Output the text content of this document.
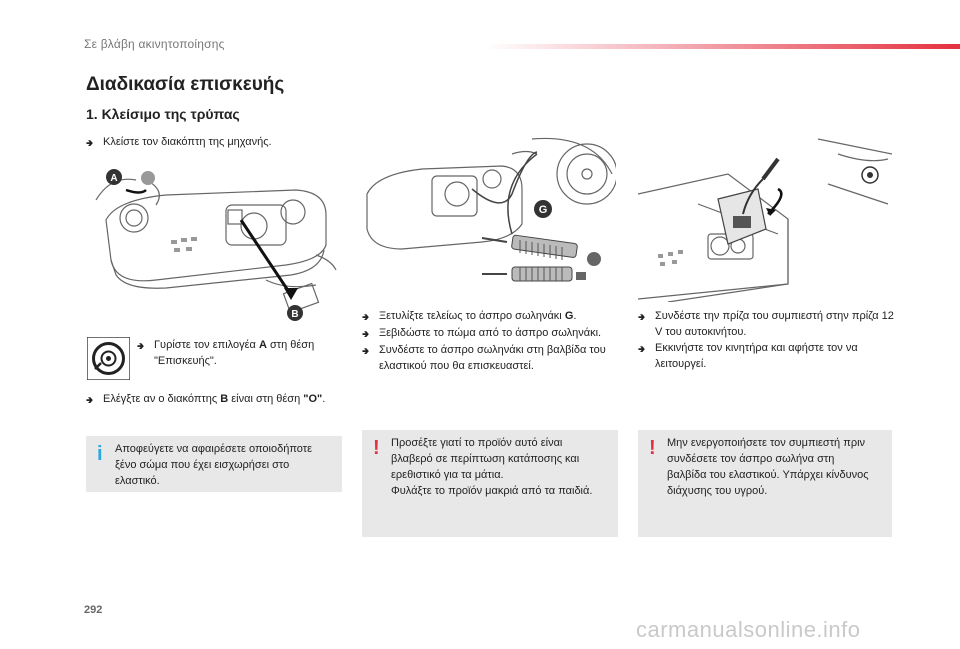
Σε βλάβη ακινητοποίησης
Διαδικασία επισκευής
1. Κλείσιμο της τρύπας
🢂 Κλείστε τον διακόπτη της μηχανής.
A
B
🢂 Γυρίστε τον επιλογέα A στη θέση "Επισκευής".
🢂 Ελέγξτε αν ο διακόπτης B είναι στη θέση "O".
i Αποφεύγετε να αφαιρέσετε οποιοδήποτε ξένο σώμα που έχει εισχωρήσει στο ελαστικό.
G
🢂 Ξετυλίξτε τελείως το άσπρο σωληνάκι G.
🢂 Ξεβιδώστε το πώμα από το άσπρο σωληνάκι.
🢂 Συνδέστε το άσπρο σωληνάκι στη βαλβίδα του ελαστικού που θα επισκευαστεί.
! Προσέξτε γιατί το προϊόν αυτό είναι βλαβερό σε περίπτωση κατάποσης και ερεθιστικό για τα μάτια.
Φυλάξτε το προϊόν μακριά από τα παιδιά.
🢂 Συνδέστε την πρίζα του συμπιεστή στην πρίζα 12 V του αυτοκινήτου.
🢂 Εκκινήστε τον κινητήρα και αφήστε τον να λειτουργεί.
! Μην ενεργοποιήσετε τον συμπιεστή πριν συνδέσετε τον άσπρο σωλήνα στη βαλβίδα του ελαστικού. Υπάρχει κίνδυνος διάχυσης του υγρού.
292
carmanualsonline.info
